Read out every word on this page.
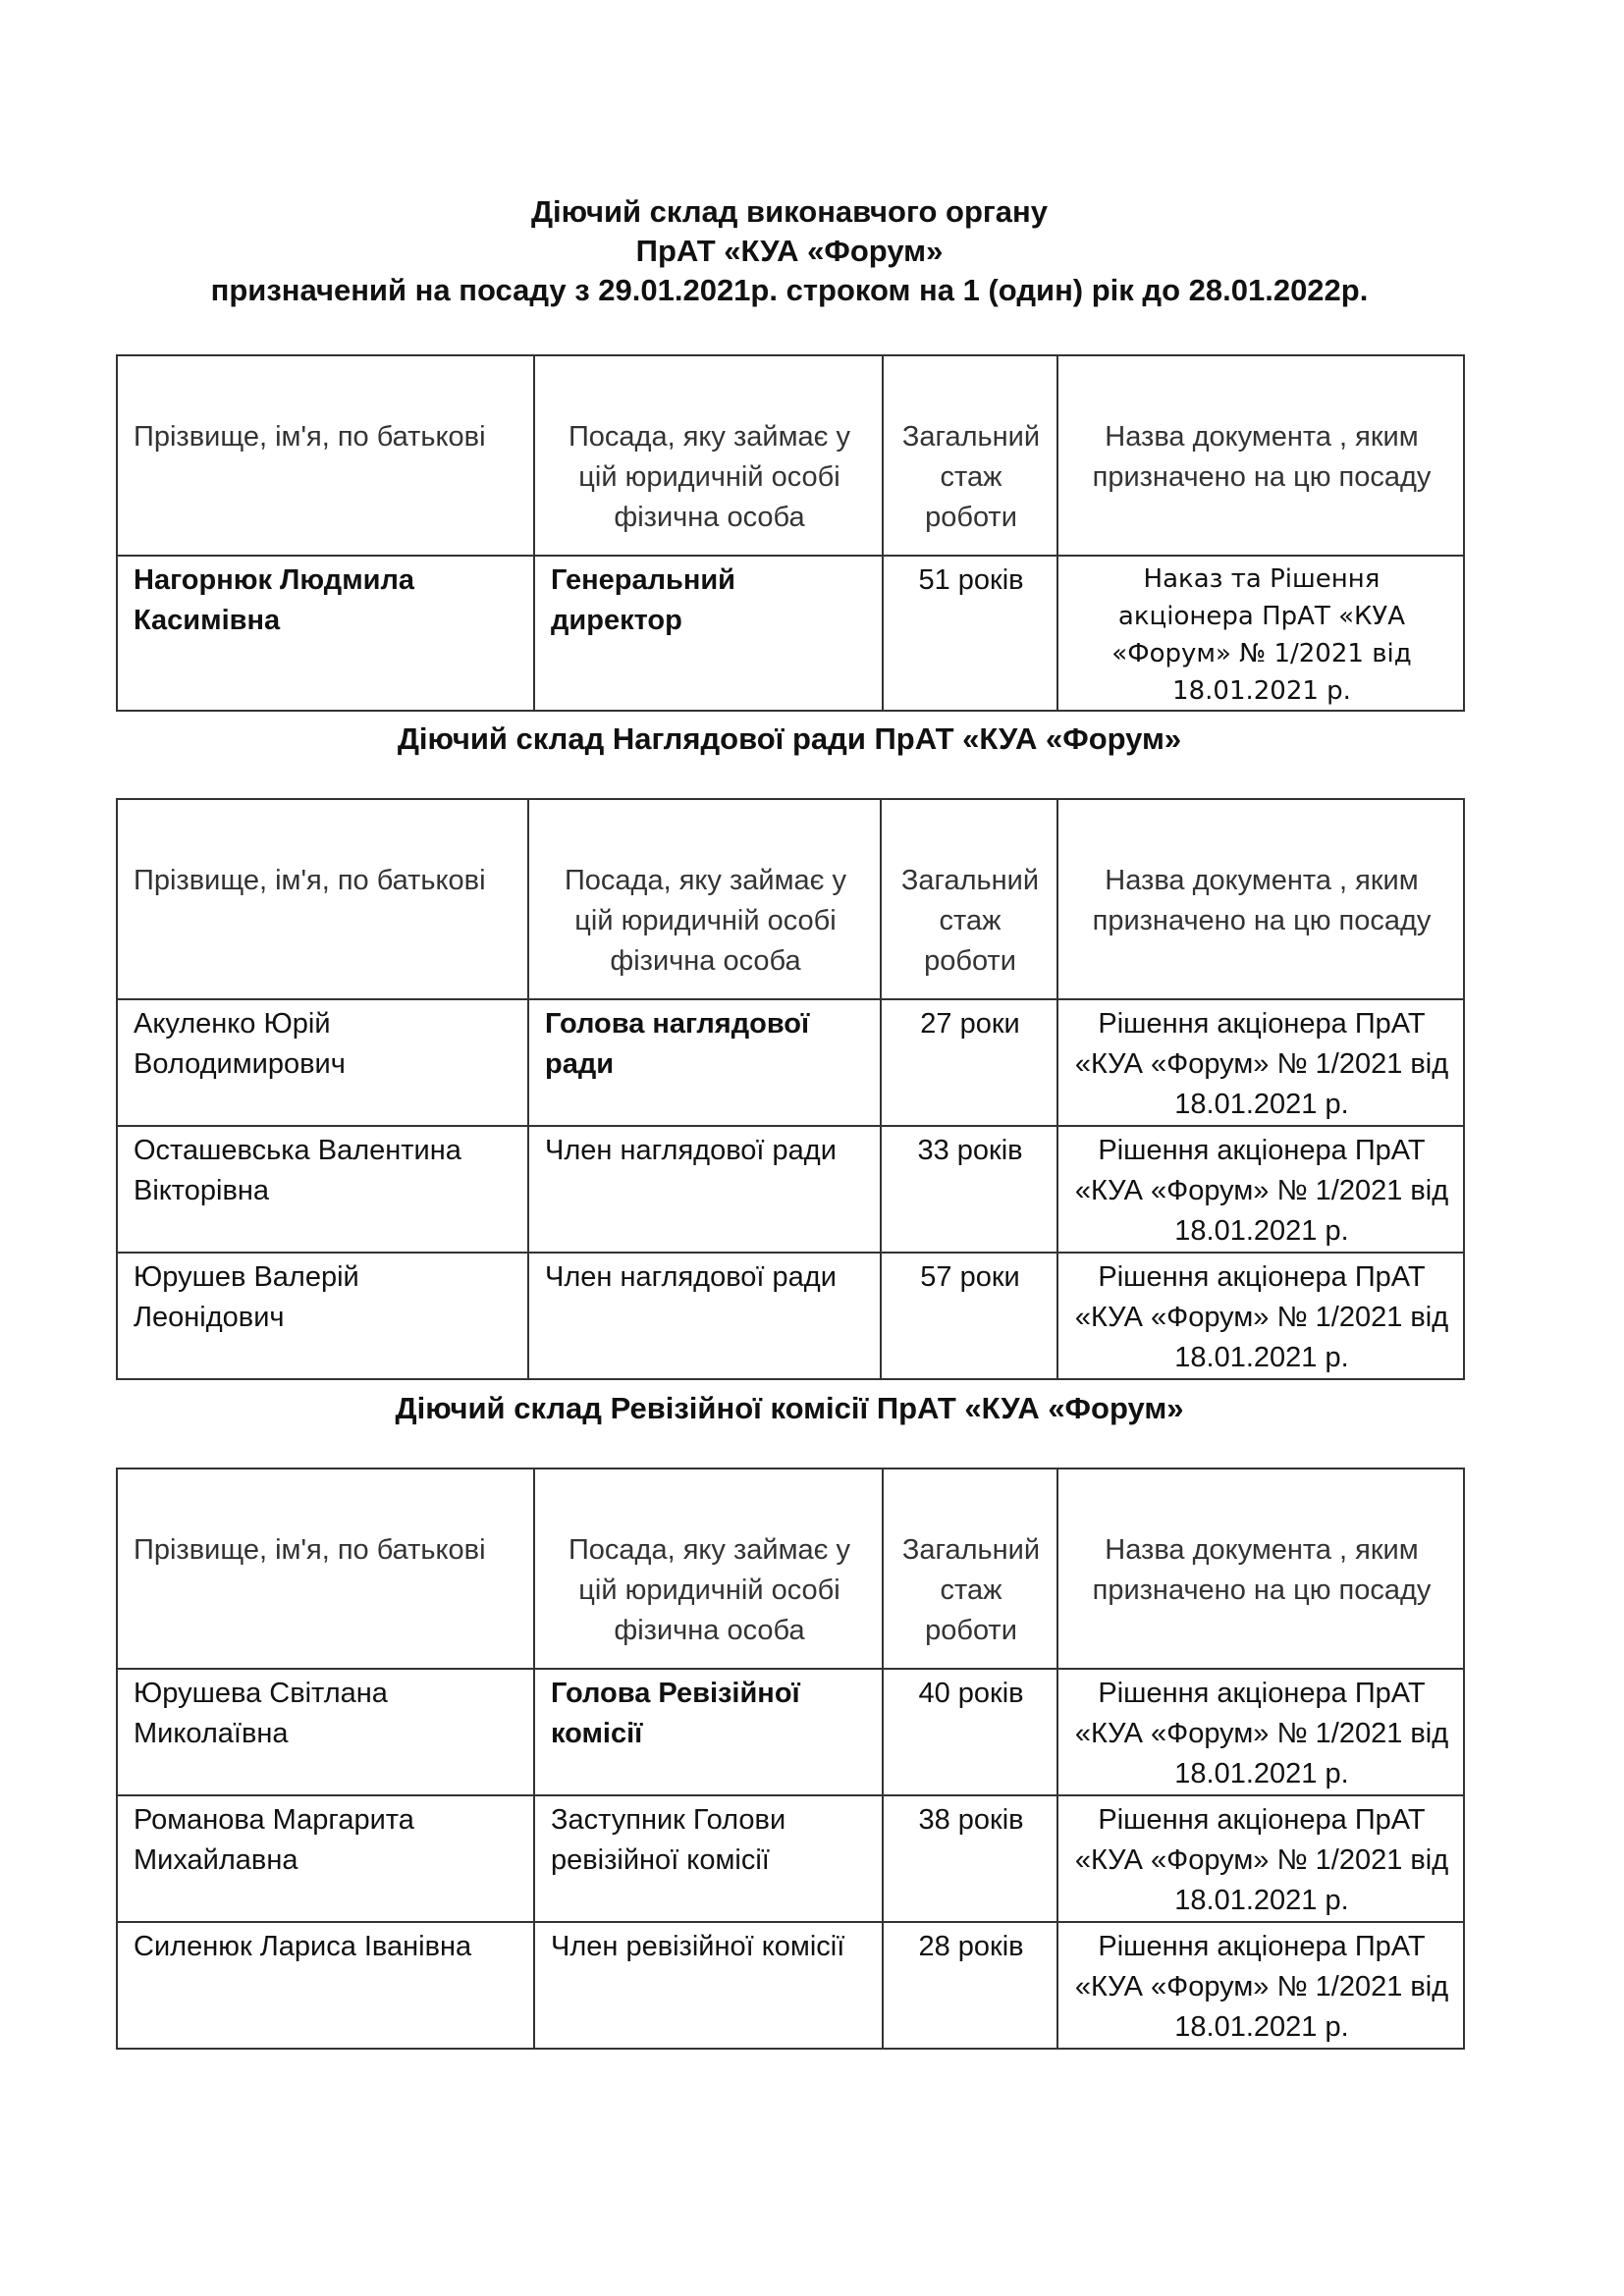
Діючий склад виконавчого органу
ПрАТ «КУА «Форум»
призначений на посаду з 29.01.2021р. строком на 1 (один) рік до 28.01.2022р.
Прізвище, ім'я, по батькові	Посада, яку займає у цій юридичній особі фізична особа	Загальний стаж роботи	Назва документа , яким призначено на цю посаду
Нагорнюк Людмила Касимівна	Генеральний директор	51 років	Наказ та Рішення акціонера ПрАТ «КУА «Форум» № 1/2021 від 18.01.2021 р.
Діючий склад Наглядової ради ПрАТ «КУА «Форум»
Прізвище, ім'я, по батькові	Посада, яку займає у цій юридичній особі фізична особа	Загальний стаж роботи	Назва документа , яким призначено на цю посаду
Акуленко Юрій Володимирович	Голова наглядової ради	27 роки	Рішення акціонера ПрАТ «КУА «Форум» № 1/2021 від 18.01.2021 р.
Осташевська Валентина Вікторівна	Член наглядової ради	33 років	Рішення акціонера ПрАТ «КУА «Форум» № 1/2021 від 18.01.2021 р.
Юрушев Валерій Леонідович	Член наглядової ради	57 роки	Рішення акціонера ПрАТ «КУА «Форум» № 1/2021 від 18.01.2021 р.
Діючий склад Ревізійної комісії ПрАТ «КУА «Форум»
Прізвище, ім'я, по батькові	Посада, яку займає у цій юридичній особі фізична особа	Загальний стаж роботи	Назва документа , яким призначено на цю посаду
Юрушева Світлана Миколаївна	Голова Ревізійної комісії	40 років	Рішення акціонера ПрАТ «КУА «Форум» № 1/2021 від 18.01.2021 р.
Романова Маргарита Михайлавна	Заступник Голови ревізійної комісії	38 років	Рішення акціонера ПрАТ «КУА «Форум» № 1/2021 від 18.01.2021 р.
Силенюк Лариса Іванівна	Член ревізійної комісії	28 років	Рішення акціонера ПрАТ «КУА «Форум» № 1/2021 від 18.01.2021 р.
